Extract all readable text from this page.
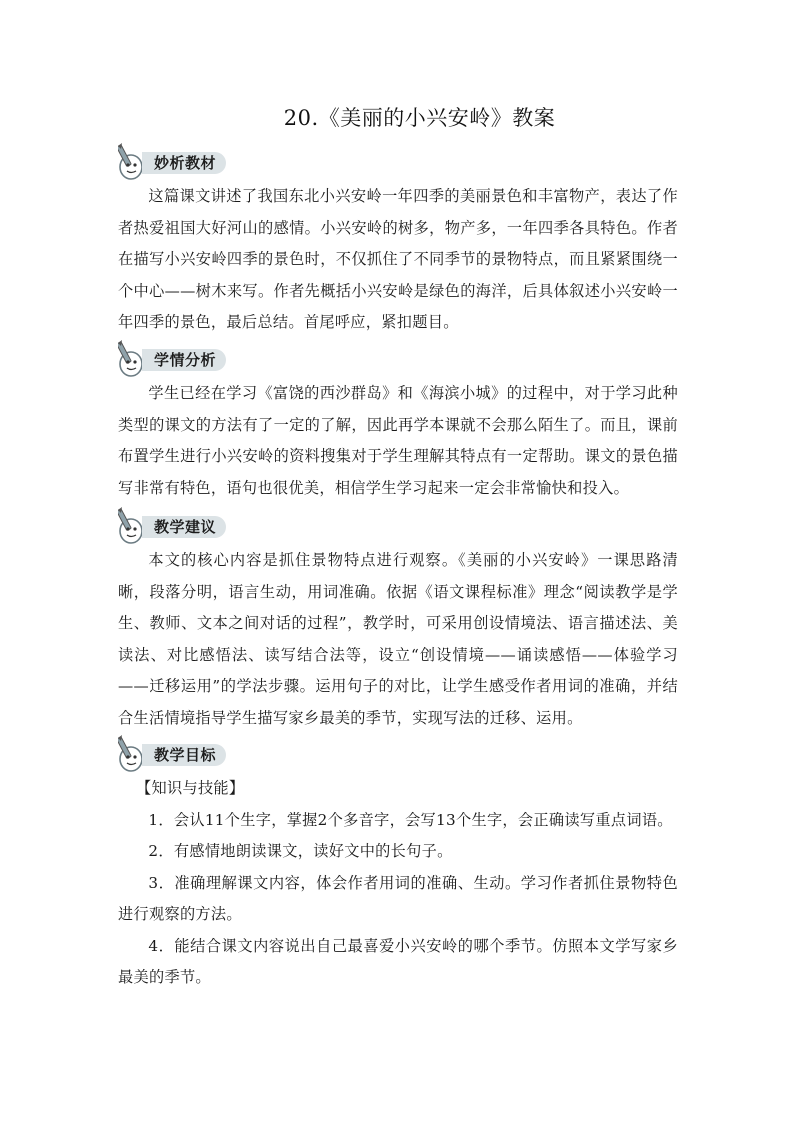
20.《美丽的小兴安岭》教案
妙析教材

这篇课文讲述了我国东北小兴安岭一年四季的美丽景色和丰富物产，表达了作者热爱祖国大好河山的感情。小兴安岭的树多，物产多，一年四季各具特色。作者在描写小兴安岭四季的景色时，不仅抓住了不同季节的景物特点，而且紧紧围绕一个中心——树木来写。作者先概括小兴安岭是绿色的海洋，后具体叙述小兴安岭一年四季的景色，最后总结。首尾呼应，紧扣题目。

学情分析

学生已经在学习《富饶的西沙群岛》和《海滨小城》的过程中，对于学习此种类型的课文的方法有了一定的了解，因此再学本课就不会那么陌生了。而且，课前布置学生进行小兴安岭的资料搜集对于学生理解其特点有一定帮助。课文的景色描写非常有特色，语句也很优美，相信学生学习起来一定会非常愉快和投入。

教学建议

本文的核心内容是抓住景物特点进行观察。《美丽的小兴安岭》一课思路清晰，段落分明，语言生动，用词准确。依据《语文课程标准》理念“阅读教学是学生、教师、文本之间对话的过程”，教学时，可采用创设情境法、语言描述法、美读法、对比感悟法、读写结合法等，设立“创设情境——诵读感悟——体验学习——迁移运用”的学法步骤。运用句子的对比，让学生感受作者用词的准确，并结合生活情境指导学生描写家乡最美的季节，实现写法的迁移、运用。

教学目标

【知识与技能】

1．会认11个生字，掌握2个多音字，会写13个生字，会正确读写重点词语。

2．有感情地朗读课文，读好文中的长句子。

3．准确理解课文内容，体会作者用词的准确、生动。学习作者抓住景物特色进行观察的方法。

4．能结合课文内容说出自己最喜爱小兴安岭的哪个季节。仿照本文学写家乡最美的季节。
